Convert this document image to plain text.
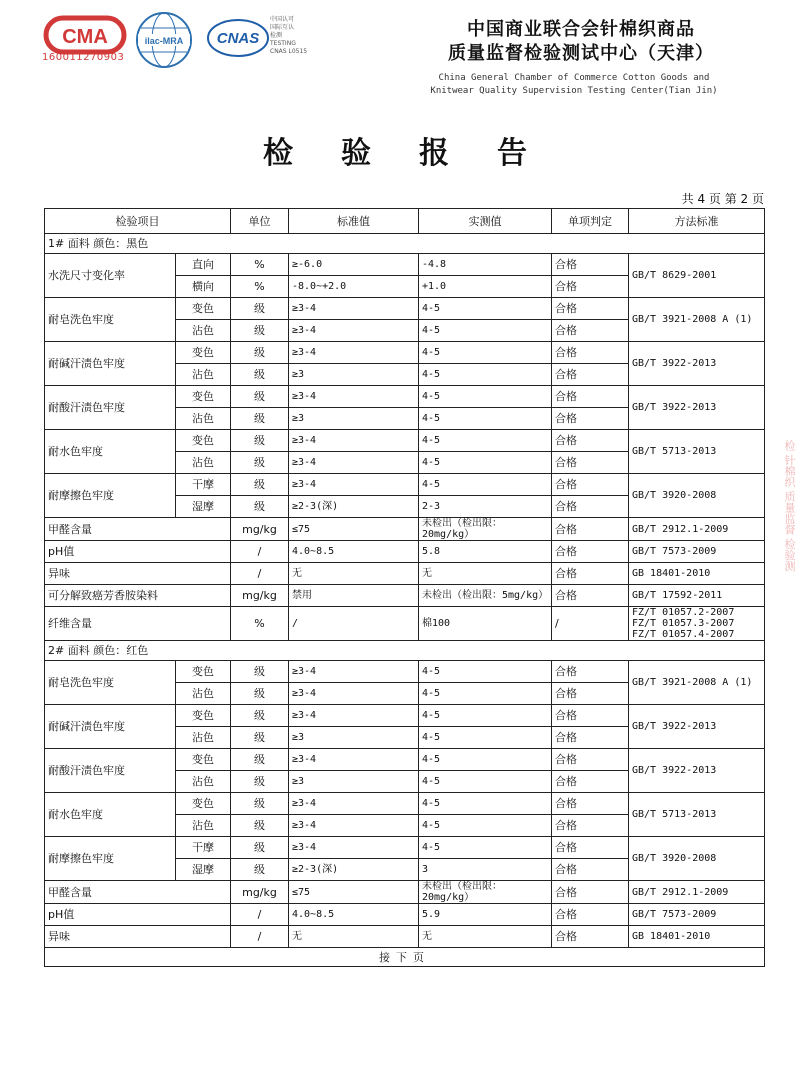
CMA
160011270903
ilac-MRA CNAS
中国认可
国际互认
检测
TESTING
CNAS L0515
中国商业联合会针棉织商品
质量监督检验测试中心（天津）
China General Chamber of Commerce Cotton Goods and
Knitwear Quality Supervision Testing Center(Tian Jin)
检验报告
共 4 页 第 2 页
检验项目		单位	标准值	实测值	单项判定	方法标准
1# 面料 颜色：黑色						
水洗尺寸变化率	直向	%	≥-6.0	-4.8	合格	GB/T 8629-2001
	横向	%	-8.0~+2.0	+1.0	合格	
耐皂洗色牢度	变色	级	≥3-4	4-5	合格	GB/T 3921-2008 A (1)
	沾色	级	≥3-4	4-5	合格	
耐碱汗渍色牢度	变色	级	≥3-4	4-5	合格	GB/T 3922-2013
	沾色	级	≥3	4-5	合格	
耐酸汗渍色牢度	变色	级	≥3-4	4-5	合格	GB/T 3922-2013
	沾色	级	≥3	4-5	合格	
耐水色牢度	变色	级	≥3-4	4-5	合格	GB/T 5713-2013
	沾色	级	≥3-4	4-5	合格	
耐摩擦色牢度	干摩	级	≥3-4	4-5	合格	GB/T 3920-2008
	湿摩	级	≥2-3(深)	2-3	合格	
甲醛含量		mg/kg	≤75	未检出（检出限：20mg/kg）	合格	GB/T 2912.1-2009
pH值		/	4.0~8.5	5.8	合格	GB/T 7573-2009
异味		/	无	无	合格	GB 18401-2010
可分解致癌芳香胺染料		mg/kg	禁用	未检出（检出限：5mg/kg）	合格	GB/T 17592-2011
纤维含量		%	/	棉100	/	FZ/T 01057.2-2007 FZ/T 01057.3-2007 FZ/T 01057.4-2007
2# 面料 颜色：红色						
耐皂洗色牢度	变色	级	≥3-4	4-5	合格	GB/T 3921-2008 A (1)
	沾色	级	≥3-4	4-5	合格	
耐碱汗渍色牢度	变色	级	≥3-4	4-5	合格	GB/T 3922-2013
	沾色	级	≥3	4-5	合格	
耐酸汗渍色牢度	变色	级	≥3-4	4-5	合格	GB/T 3922-2013
	沾色	级	≥3	4-5	合格	
耐水色牢度	变色	级	≥3-4	4-5	合格	GB/T 5713-2013
	沾色	级	≥3-4	4-5	合格	
耐摩擦色牢度	干摩	级	≥3-4	4-5	合格	GB/T 3920-2008
	湿摩	级	≥2-3(深)	3	合格	
甲醛含量		mg/kg	≤75	未检出（检出限：20mg/kg）	合格	GB/T 2912.1-2009
pH值		/	4.0~8.5	5.9	合格	GB/T 7573-2009
异味		/	无	无	合格	GB 18401-2010
接下页						
检 针棉织 质量监督 检验测
